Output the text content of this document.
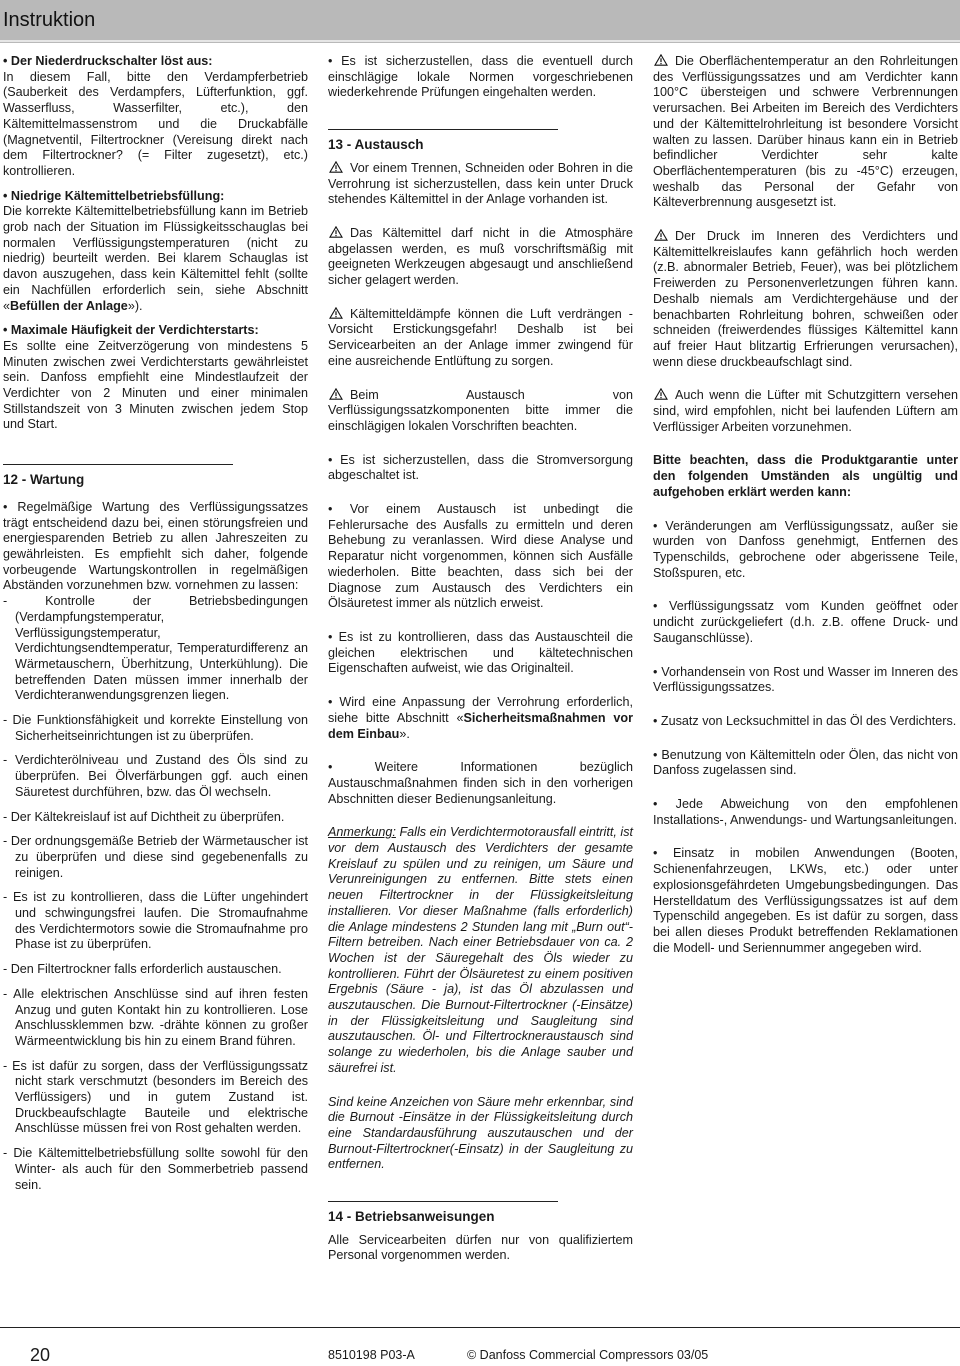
Instruktion

• Der Niederdruckschalter löst aus:

In diesem Fall, bitte den Verdampferbetrieb (Sauberkeit des Verdampfers, Lüfterfunktion, ggf. Wasserfluss, Wasserfilter, etc.), den Kältemittelmassenstrom und die Druckabfälle (Magnetventil, Filtertrockner (Vereisung direkt nach dem Filtertrockner? (= Filter zugesetzt), etc.) kontrollieren.

• Niedrige Kältemittelbetriebsfüllung:

Die korrekte Kältemittelbetriebsfüllung kann im Betrieb grob nach der Situation im Flüssigkeitsschauglas bei normalen Verflüssigungstemperaturen (nicht zu niedrig) beurteilt werden. Bei klarem Schauglas ist davon auszugehen, dass kein Kältemittel fehlt (sollte ein Nachfüllen erforderlich sein, siehe Abschnitt «Befüllen der Anlage»).

• Maximale Häufigkeit der Verdichterstarts:

Es sollte eine Zeitverzögerung von mindestens 5 Minuten zwischen zwei Verdichterstarts gewährleistet sein. Danfoss empfiehlt eine Mindestlaufzeit der Verdichter von 2 Minuten und einer minimalen Stillstandszeit von 3 Minuten zwischen jedem Stop und Start.

12 - Wartung

• Regelmäßige Wartung des Verflüssigungssatzes trägt entscheidend dazu bei, einen störungsfreien und energiesparenden Betrieb zu allen Jahreszeiten zu gewährleisten. Es empfiehlt sich daher, folgende vorbeugende Wartungskontrollen in regelmäßigen Abständen vorzunehmen bzw. vornehmen zu lassen:

- Kontrolle der Betriebsbedingungen (Verdampfungstemperatur, Verflüssigungstemperatur, Verdichtungsendtemperatur, Temperaturdifferenz an Wärmetauschern, Überhitzung, Unterkühlung). Die betreffenden Daten müssen immer innerhalb der Verdichteranwendungsgrenzen liegen.

- Die Funktionsfähigkeit und korrekte Einstellung von Sicherheitseinrichtungen ist zu überprüfen.

- Verdichterölniveau und Zustand des Öls sind zu überprüfen. Bei Ölverfärbungen ggf. auch einen Säuretest durchführen, bzw. das Öl wechseln.

- Der Kältekreislauf ist auf Dichtheit zu überprüfen.

- Der ordnungsgemäße Betrieb der Wärmetauscher ist zu überprüfen und diese sind gegebenenfalls zu reinigen.

- Es ist zu kontrollieren, dass die Lüfter ungehindert und schwingungsfrei laufen. Die Stromaufnahme des Verdichtermotors sowie die Stromaufnahme pro Phase ist zu überprüfen.

- Den Filtertrockner falls erforderlich austauschen.

- Alle elektrischen Anschlüsse sind auf ihren festen Anzug und guten Kontakt hin zu kontrollieren. Lose Anschlussklemmen bzw. -drähte können zu großer Wärmeentwicklung bis hin zu einem Brand führen.

- Es ist dafür zu sorgen, dass der Verflüssigungssatz nicht stark verschmutzt (besonders im Bereich des Verflüssigers) und in gutem Zustand ist. Druckbeaufschlagte Bauteile und elektrische Anschlüsse müssen frei von Rost gehalten werden.

- Die Kältemittelbetriebsfüllung sollte sowohl für den Winter- als auch für den Sommerbetrieb passend sein.

• Es ist sicherzustellen, dass die eventuell durch einschlägige lokale Normen vorgeschriebenen wiederkehrende Prüfungen eingehalten werden.

13 - Austausch

Vor einem Trennen, Schneiden oder Bohren in die Verrohrung ist sicherzustellen, dass kein unter Druck stehendes Kältemittel in der Anlage vorhanden ist.

Das Kältemittel darf nicht in die Atmosphäre abgelassen werden, es muß vorschriftsmäßig mit geeigneten Werkzeugen abgesaugt und anschließend sicher gelagert werden.

Kältemitteldämpfe können die Luft verdrängen - Vorsicht Erstickungsgefahr! Deshalb ist bei Servicearbeiten an der Anlage immer zwingend für eine ausreichende Entlüftung zu sorgen.

Beim Austausch von Verflüssigungssatzkomponenten bitte immer die einschlägigen lokalen Vorschriften beachten.

• Es ist sicherzustellen, dass die Stromversorgung abgeschaltet ist.

• Vor einem Austausch ist unbedingt die Fehlerursache des Ausfalls zu ermitteln und deren Behebung zu veranlassen. Wird diese Analyse und Reparatur nicht vorgenommen, können sich Ausfälle wiederholen. Bitte beachten, dass sich bei der Diagnose zum Austausch des Verdichters ein Ölsäuretest immer als nützlich erweist.

• Es ist zu kontrollieren, dass das Austauschteil die gleichen elektrischen und kältetechnischen Eigenschaften aufweist, wie das Originalteil.

• Wird eine Anpassung der Verrohrung erforderlich, siehe bitte Abschnitt «Sicherheitsmaßnahmen vor dem Einbau».

• Weitere Informationen bezüglich Austauschmaßnahmen finden sich in den vorherigen Abschnitten dieser Bedienungsanleitung.

Anmerkung: Falls ein Verdichtermotorausfall eintritt, ist vor dem Austausch des Verdichters der gesamte Kreislauf zu spülen und zu reinigen, um Säure und Verunreinigungen zu entfernen. Bitte stets einen neuen Filtertrockner in der Flüssigkeitsleitung installieren. Vor dieser Maßnahme (falls erforderlich) die Anlage mindestens 2 Stunden lang mit „Burn out“-Filtern betreiben. Nach einer Betriebsdauer von ca. 2 Wochen ist der Säuregehalt des Öls wieder zu kontrollieren. Führt der Ölsäuretest zu einem positiven Ergebnis (Säure - ja), ist das Öl abzulassen und auszutauschen. Die Burnout-Filtertrockner (-Einsätze) in der Flüssigkeitsleitung und Saugleitung sind auszutauschen. Öl- und Filtertrockneraustausch sind solange zu wiederholen, bis die Anlage sauber und säurefrei ist.

Sind keine Anzeichen von Säure mehr erkennbar, sind die Burnout -Einsätze in der Flüssigkeitsleitung durch eine Standardausführung auszutauschen und der Burnout-Filtertrockner(-Einsatz) in der Saugleitung zu entfernen.

14 - Betriebsanweisungen

Alle Servicearbeiten dürfen nur von qualifiziertem Personal vorgenommen werden.

Die Oberflächentemperatur an den Rohrleitungen des Verflüssigungssatzes und am Verdichter kann 100°C übersteigen und schwere Verbrennungen verursachen. Bei Arbeiten im Bereich des Verdichters und der Kältemittelrohrleitung ist besondere Vorsicht walten zu lassen. Darüber hinaus kann ein in Betrieb befindlicher Verdichter sehr kalte Oberflächentemperaturen (bis zu -45°C) erzeugen, weshalb das Personal der Gefahr von Kälteverbrennung ausgesetzt ist.

Der Druck im Inneren des Verdichters und Kältemittelkreislaufes kann gefährlich hoch werden (z.B. abnormaler Betrieb, Feuer), was bei plötzlichem Freiwerden zu Personenverletzungen führen kann. Deshalb niemals am Verdichtergehäuse und der benachbarten Rohrleitung bohren, schweißen oder schneiden (freiwerdendes flüssiges Kältemittel kann auf freier Haut blitzartig Erfrierungen verursachen), wenn diese druckbeaufschlagt sind.

Auch wenn die Lüfter mit Schutzgittern versehen sind, wird empfohlen, nicht bei laufenden Lüftern am Verflüssiger Arbeiten vorzunehmen.

Bitte beachten, dass die Produktgarantie unter den folgenden Umständen als ungültig und aufgehoben erklärt werden kann:

• Veränderungen am Verflüssigungssatz, außer sie wurden von Danfoss genehmigt, Entfernen des Typenschilds, gebrochene oder abgerissene Teile, Stoßspuren, etc.

• Verflüssigungssatz vom Kunden geöffnet oder undicht zurückgeliefert (d.h. z.B. offene Druck- und Sauganschlüsse).

• Vorhandensein von Rost und Wasser im Inneren des Verflüssigungssatzes.

• Zusatz von Lecksuchmittel in das Öl des Verdichters.

• Benutzung von Kältemitteln oder Ölen, das nicht von Danfoss zugelassen sind.

• Jede Abweichung von den empfohlenen Installations-, Anwendungs- und Wartungsanleitungen.

• Einsatz in mobilen Anwendungen (Booten, Schienenfahrzeugen, LKWs, etc.) oder unter explosionsgefährdeten Umgebungsbedingungen. Das Herstelldatum des Verflüssigungssatzes ist auf dem Typenschild angegeben. Es ist dafür zu sorgen, dass bei allen dieses Produkt betreffenden Reklamationen die Modell- und Seriennummer angegeben wird.

20	8510198 P03-A	© Danfoss Commercial Compressors 03/05
